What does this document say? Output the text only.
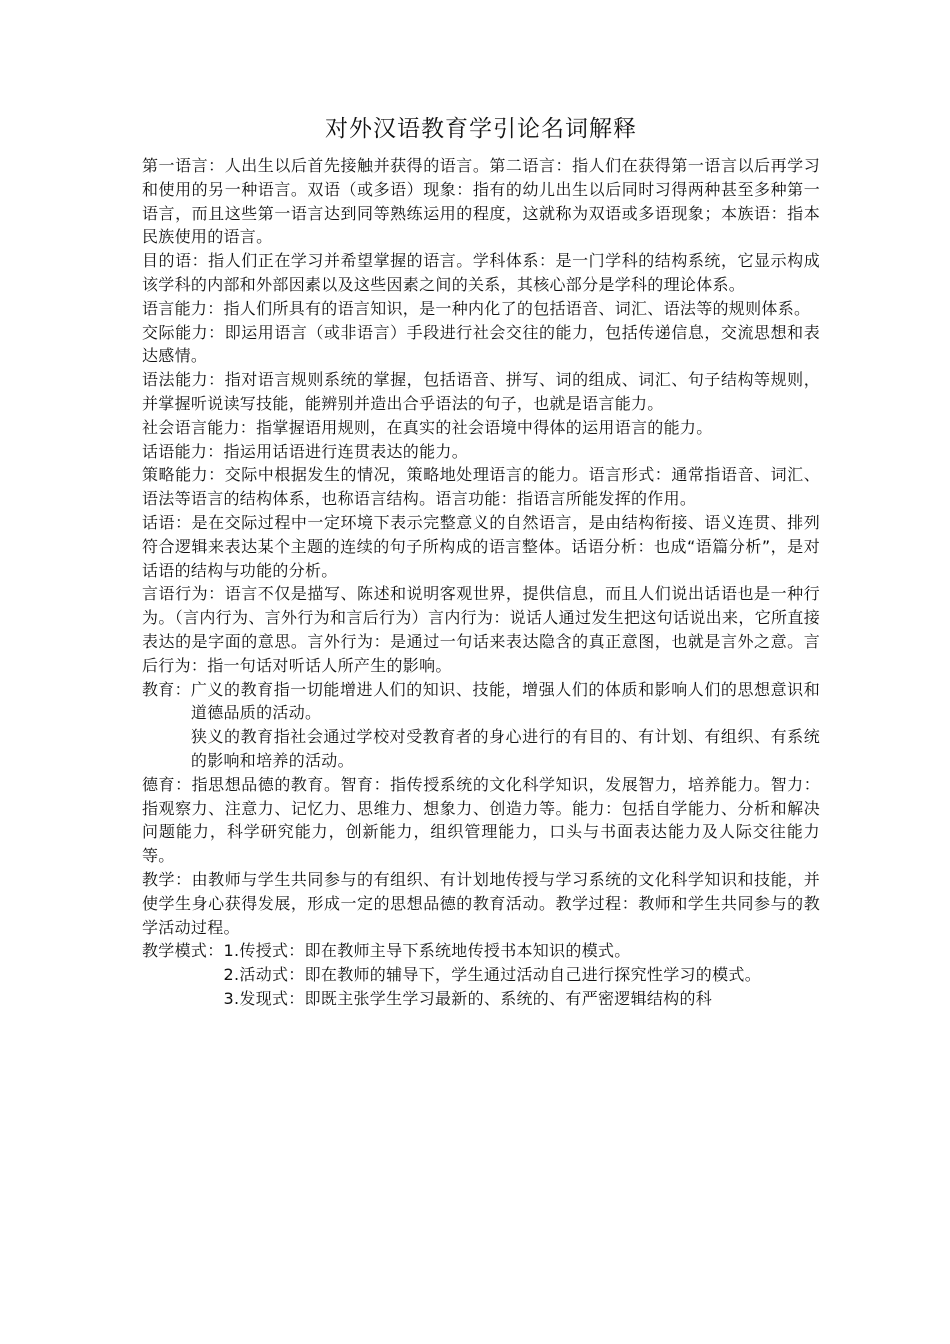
对外汉语教育学引论名词解释

第一语言：人出生以后首先接触并获得的语言。第二语言：指人们在获得第一语言以后再学习和使用的另一种语言。双语（或多语）现象：指有的幼儿出生以后同时习得两种甚至多种第一语言，而且这些第一语言达到同等熟练运用的程度，这就称为双语或多语现象；本族语：指本民族使用的语言。

目的语：指人们正在学习并希望掌握的语言。学科体系：是一门学科的结构系统，它显示构成该学科的内部和外部因素以及这些因素之间的关系，其核心部分是学科的理论体系。

语言能力：指人们所具有的语言知识，是一种内化了的包括语音、词汇、语法等的规则体系。

交际能力：即运用语言（或非语言）手段进行社会交往的能力，包括传递信息，交流思想和表达感情。

语法能力：指对语言规则系统的掌握，包括语音、拼写、词的组成、词汇、句子结构等规则，并掌握听说读写技能，能辨别并造出合乎语法的句子，也就是语言能力。

社会语言能力：指掌握语用规则，在真实的社会语境中得体的运用语言的能力。

话语能力：指运用话语进行连贯表达的能力。

策略能力：交际中根据发生的情况，策略地处理语言的能力。语言形式：通常指语音、词汇、语法等语言的结构体系，也称语言结构。语言功能：指语言所能发挥的作用。

话语：是在交际过程中一定环境下表示完整意义的自然语言，是由结构衔接、语义连贯、排列符合逻辑来表达某个主题的连续的句子所构成的语言整体。话语分析：也成“语篇分析”，是对话语的结构与功能的分析。

言语行为：语言不仅是描写、陈述和说明客观世界，提供信息，而且人们说出话语也是一种行为。（言内行为、言外行为和言后行为）言内行为：说话人通过发生把这句话说出来，它所直接表达的是字面的意思。言外行为：是通过一句话来表达隐含的真正意图，也就是言外之意。言后行为：指一句话对听话人所产生的影响。

教育： 广义的教育指一切能增进人们的知识、技能，增强人们的体质和影响人们的思想意识和道德品质的活动。

狭义的教育指社会通过学校对受教育者的身心进行的有目的、有计划、有组织、有系统的影响和培养的活动。

德育：指思想品德的教育。智育：指传授系统的文化科学知识，发展智力，培养能力。智力：指观察力、注意力、记忆力、思维力、想象力、创造力等。能力：包括自学能力、分析和解决问题能力，科学研究能力，创新能力，组织管理能力，口头与书面表达能力及人际交往能力等。

教学：由教师与学生共同参与的有组织、有计划地传授与学习系统的文化科学知识和技能，并使学生身心获得发展，形成一定的思想品德的教育活动。教学过程：教师和学生共同参与的教学活动过程。

教学模式： 1. 传授式：即在教师主导下系统地传授书本知识的模式。
2. 活动式：即在教师的辅导下，学生通过活动自己进行探究性学习的模式。
3. 发现式：即既主张学生学习最新的、系统的、有严密逻辑结构的科
